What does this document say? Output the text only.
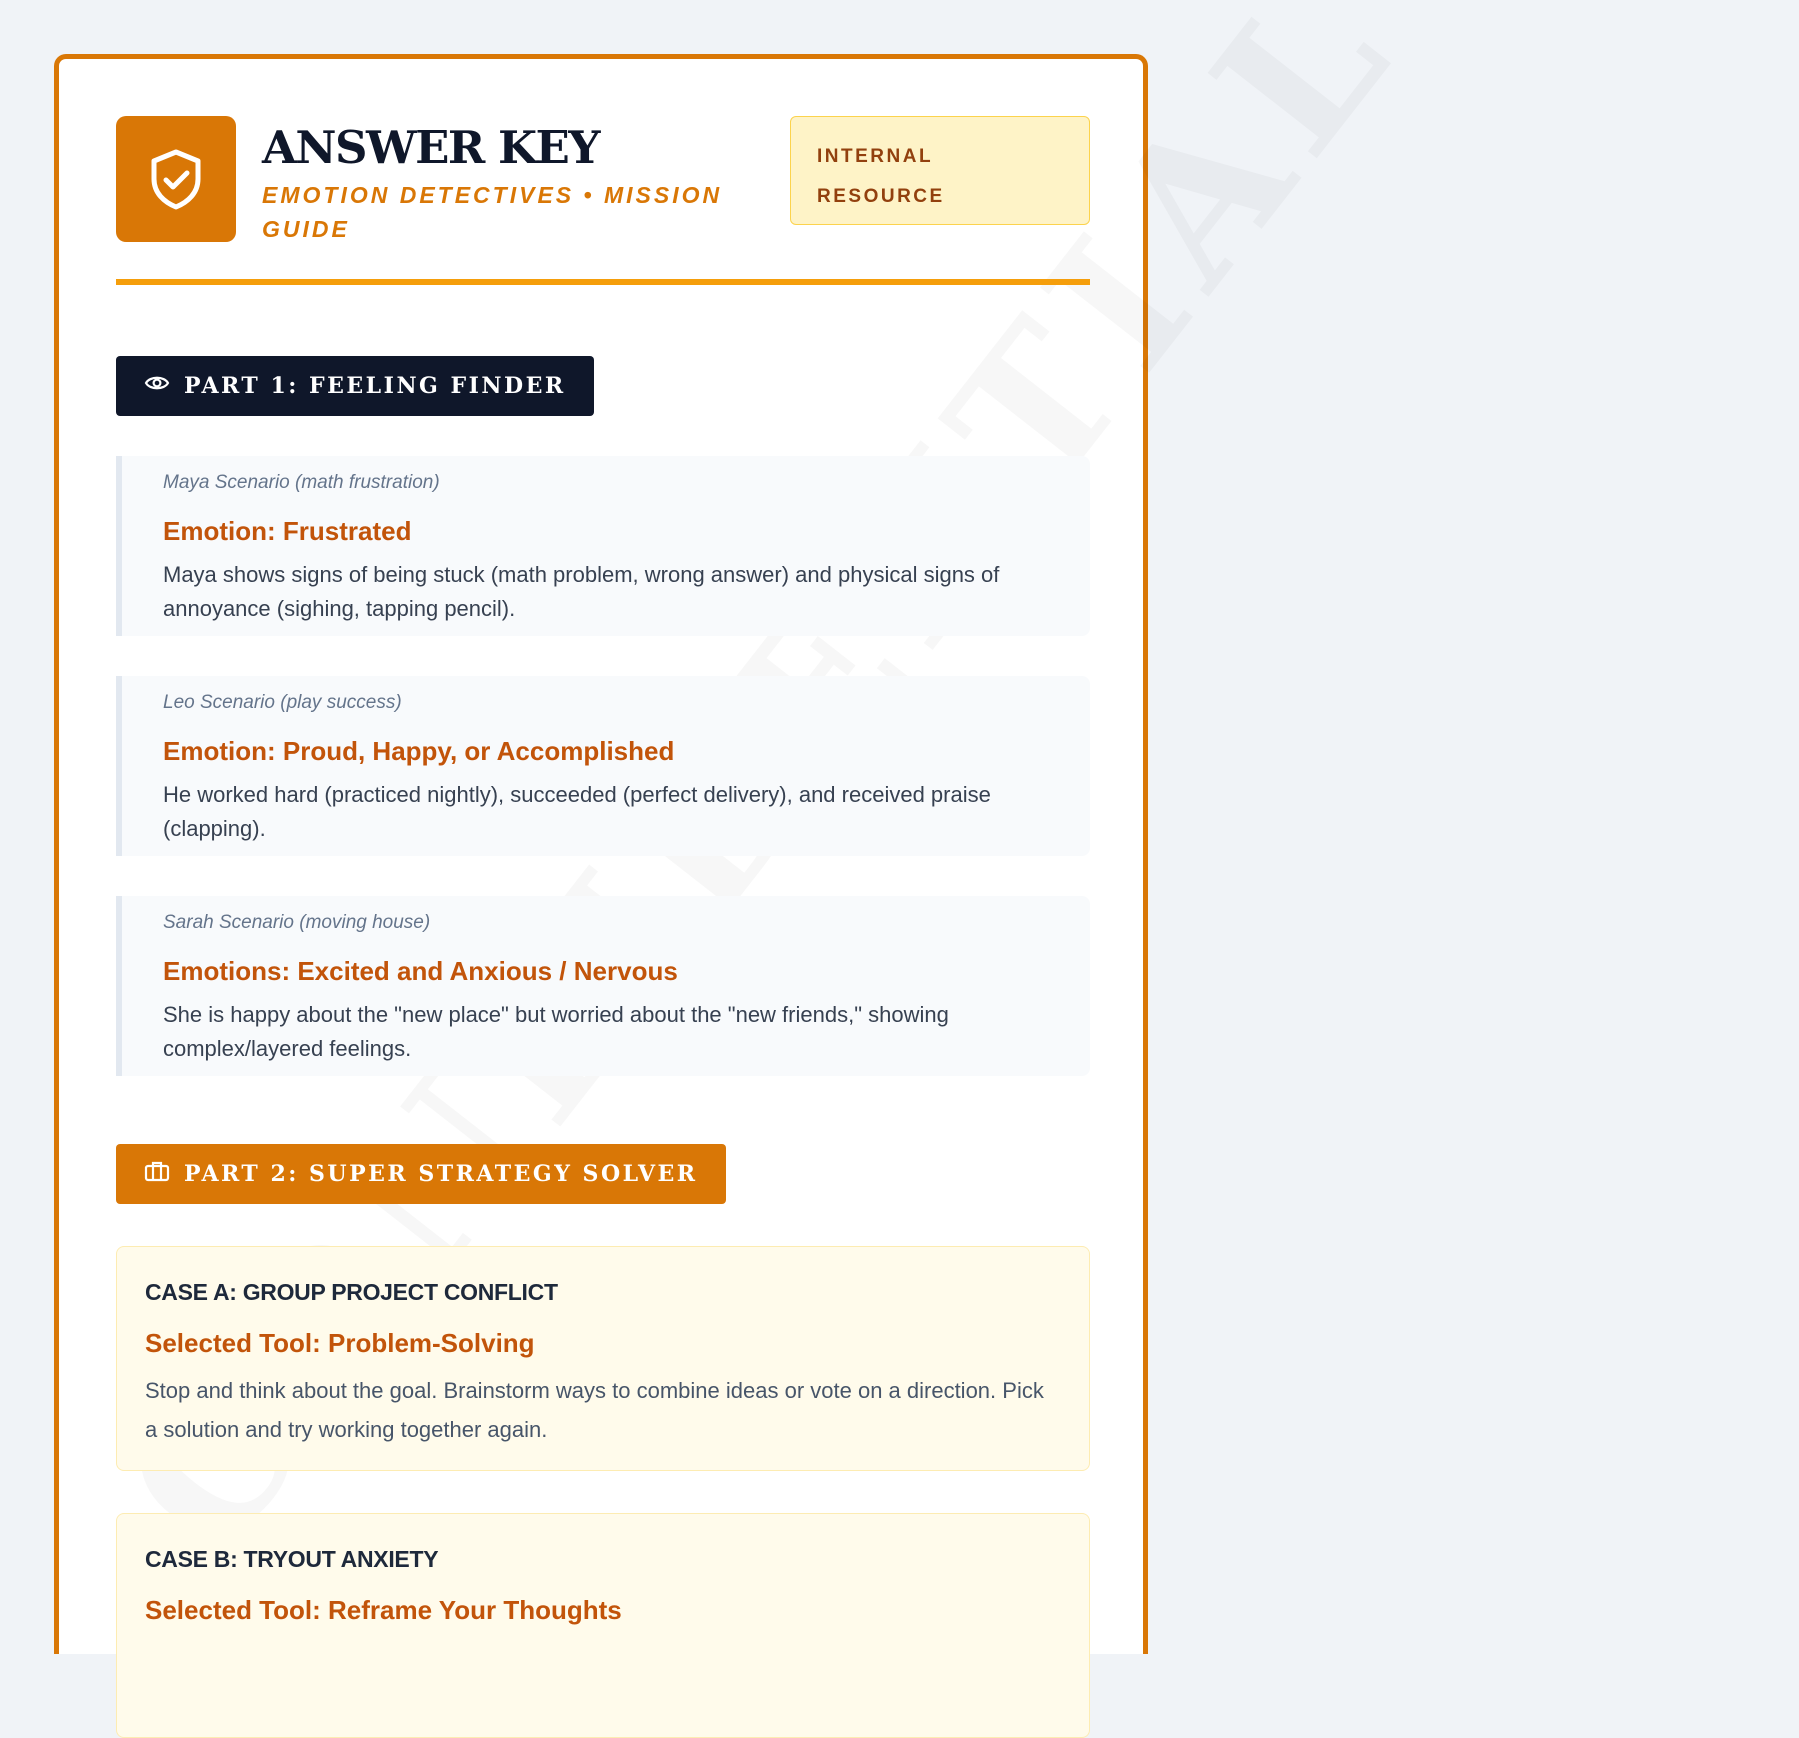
ANSWER KEY
EMOTION DETECTIVES • MISSION GUIDE
INTERNAL RESOURCE
PART 1: FEELING FINDER
Maya Scenario (math frustration)
Emotion: Frustrated
Maya shows signs of being stuck (math problem, wrong answer) and physical signs of annoyance (sighing, tapping pencil).
Leo Scenario (play success)
Emotion: Proud, Happy, or Accomplished
He worked hard (practiced nightly), succeeded (perfect delivery), and received praise (clapping).
Sarah Scenario (moving house)
Emotions: Excited and Anxious / Nervous
She is happy about the "new place" but worried about the "new friends," showing complex/layered feelings.
PART 2: SUPER STRATEGY SOLVER
CASE A: GROUP PROJECT CONFLICT
Selected Tool: Problem-Solving
Stop and think about the goal. Brainstorm ways to combine ideas or vote on a direction. Pick a solution and try working together again.
CASE B: TRYOUT ANXIETY
Selected Tool: Reframe Your Thoughts
